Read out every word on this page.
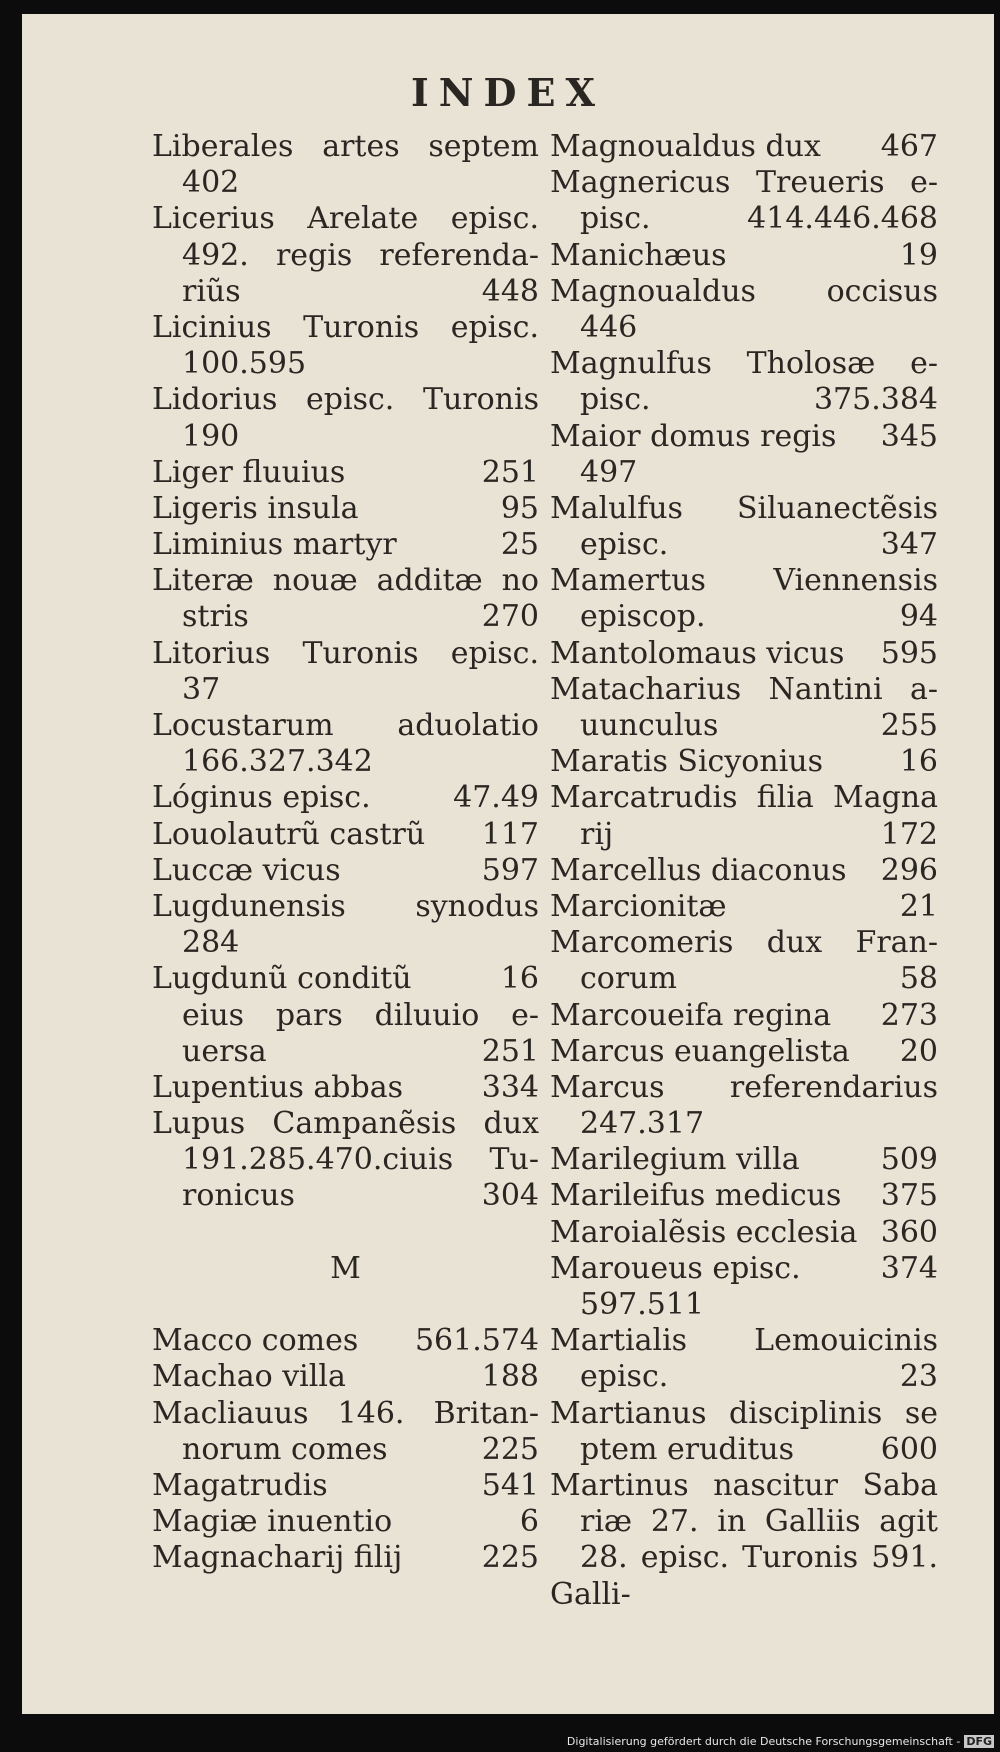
INDEX
Liberales artes septem
402
Licerius Arelate episc.
492. regis referenda-
riũs	448
Licinius Turonis episc.
100.595
Lidorius episc. Turonis
190
Liger fluuius	251
Ligeris insula	95
Liminius martyr	25
Literæ nouæ additæ no
stris	270
Litorius Turonis episc.
37
Locustarum aduolatio
166.327.342
Lóginus episc.	47.49
Louolautrũ castrũ 117
Luccæ vicus	597
Lugdunensis synodus
284
Lugdunũ conditũ	16
eius pars diluuio e-
uersa	251
Lupentius abbas	334
Lupus Campanẽsis dux
191.285.470.ciuis Tu-
ronicus	304
M
Macco comes 561.574
Machao villa	188
Macliauus 146. Britan-
norum comes	225
Magatrudis	541
Magiæ inuentio	6
Magnacharij filij	225
Magnoualdus dux 467
Magnericus Treueris e-
pisc.	414.446.468
Manichæus	19
Magnoualdus occisus
446
Magnulfus Tholosæ e-
pisc.	375.384
Maior domus regis 345
497
Malulfus Siluanectẽsis
episc.	347
Mamertus Viennensis
episcop.	94
Mantolomaus vicus 595
Matacharius Nantini a-
uunculus	255
Maratis Sicyonius	16
Marcatrudis filia Magna
rij	172
Marcellus diaconus 296
Marcionitæ	21
Marcomeris dux Fran-
corum	58
Marcoueifa regina 273
Marcus euangelista 20
Marcus referendarius
247.317
Marilegium villa	509
Marileifus medicus 375
Maroialẽsis ecclesia 360
Maroueus episc.	374
597.511
Martialis Lemouicinis
episc.	23
Martianus disciplinis se
ptem eruditus	600
Martinus nascitur Saba
riæ 27. in Galliis agit
28. episc. Turonis 591.
Galli-
Digitalisierung gefördert durch die Deutsche Forschungsgemeinschaft - DFG
